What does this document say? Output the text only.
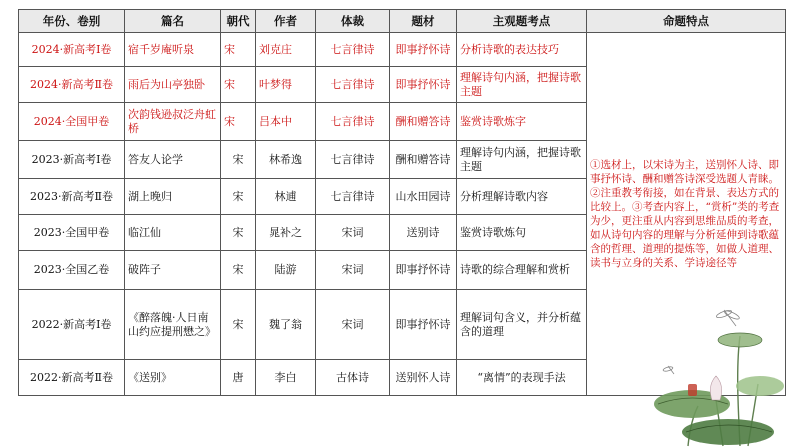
年份、卷别	篇名	朝代	作者	体裁	题材	主观题考点	命题特点
2024·新高考Ⅰ卷	宿千岁庵听泉	宋	刘克庄	七言律诗	即事抒怀诗	分析诗歌的表达技巧	①选材上，以宋诗为主，送别怀人诗、即事抒怀诗、酬和赠答诗深受选题人青睐。②注重教考衔接，如在背景、表达方式的比较上。③考查内容上，“赏析”类的考查为少，更注重从内容到思维品质的考查，如从诗句内容的理解与分析延伸到诗歌蕴含的哲理、道理的提炼等，如做人道理、读书与立身的关系、学诗途径等

2024·新高考Ⅱ卷	雨后为山亭独卧	宋	叶梦得	七言律诗	即事抒怀诗	理解诗句内涵，把握诗歌主题	
2024·全国甲卷	次韵钱逊叔泛舟虹桥	宋	吕本中	七言律诗	酬和赠答诗	鉴赏诗歌炼字	
2023·新高考Ⅰ卷	答友人论学	宋	林希逸	七言律诗	酬和赠答诗	理解诗句内涵，把握诗歌主题	
2023·新高考Ⅱ卷	湖上晚归	宋	林逋	七言律诗	山水田园诗	分析理解诗歌内容	
2023·全国甲卷	临江仙	宋	晁补之	宋词	送别诗	鉴赏诗歌炼句	
2023·全国乙卷	破阵子	宋	陆游	宋词	即事抒怀诗	诗歌的综合理解和赏析	
2022·新高考Ⅰ卷	《醉落魄·人日南山约应提刑懋之》	宋	魏了翁	宋词	即事抒怀诗	理解词句含义，并分析蕴含的道理	
2022·新高考Ⅱ卷	《送别》	唐	李白	古体诗	送别怀人诗	“离情”的表现手法	
